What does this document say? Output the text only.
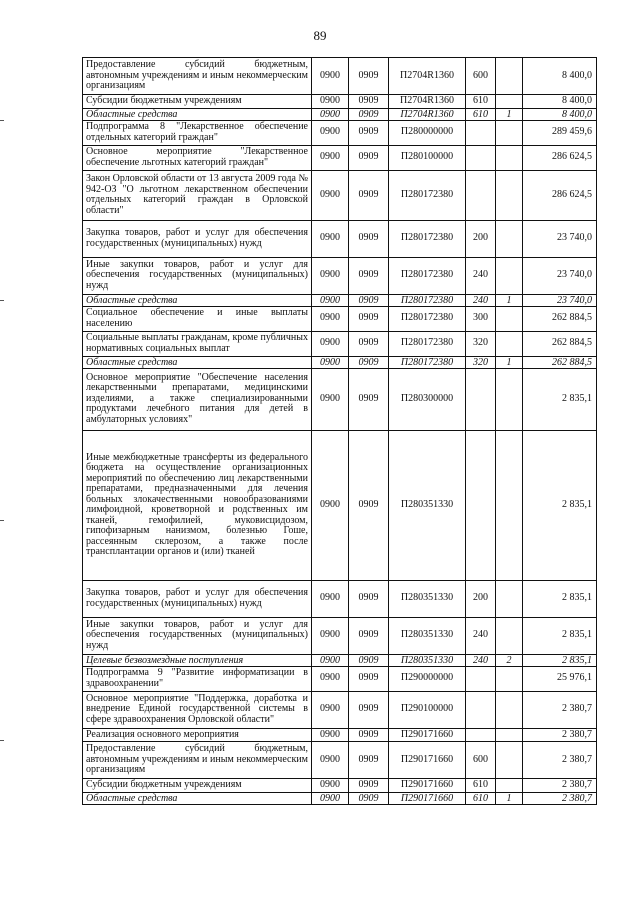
89
Предоставление субсидий бюджетным, автономным учреждениям и иным некоммерческим организациям	0900	0909	П2704R1360	600		8 400,0
Субсидии бюджетным учреждениям	0900	0909	П2704R1360	610		8 400,0
Областные средства	0900	0909	П2704R1360	610	1	8 400,0
Подпрограмма 8 "Лекарственное обеспечение отдельных категорий граждан"	0900	0909	П280000000			289 459,6
Основное мероприятие "Лекарственное обеспечение льготных категорий граждан"	0900	0909	П280100000			286 624,5
Закон Орловской области от 13 августа 2009 года № 942-ОЗ "О льготном лекарственном обеспечении отдельных категорий граждан в Орловской области"	0900	0909	П280172380			286 624,5
Закупка товаров, работ и услуг для обеспечения государственных (муниципальных) нужд	0900	0909	П280172380	200		23 740,0
Иные закупки товаров, работ и услуг для обеспечения государственных (муниципальных) нужд	0900	0909	П280172380	240		23 740,0
Областные средства	0900	0909	П280172380	240	1	23 740,0
Социальное обеспечение и иные выплаты населению	0900	0909	П280172380	300		262 884,5
Социальные выплаты гражданам, кроме публичных нормативных социальных выплат	0900	0909	П280172380	320		262 884,5
Областные средства	0900	0909	П280172380	320	1	262 884,5
Основное мероприятие "Обеспечение населения лекарственными препаратами, медицинскими изделиями, а также специализированными продуктами лечебного питания для детей в амбулаторных условиях"	0900	0909	П280300000			2 835,1
Иные межбюджетные трансферты из федерального бюджета на осуществление организационных мероприятий по обеспечению лиц лекарственными препаратами, предназначенными для лечения больных злокачественными новообразованиями лимфоидной, кроветворной и родственных им тканей, гемофилией, муковисцидозом, гипофизарным нанизмом, болезнью Гоше, рассеянным склерозом, а также после трансплантации органов и (или) тканей	0900	0909	П280351330			2 835,1
Закупка товаров, работ и услуг для обеспечения государственных (муниципальных) нужд	0900	0909	П280351330	200		2 835,1
Иные закупки товаров, работ и услуг для обеспечения государственных (муниципальных) нужд	0900	0909	П280351330	240		2 835,1
Целевые безвозмездные поступления	0900	0909	П280351330	240	2	2 835,1
Подпрограмма 9 "Развитие информатизации в здравоохранении"	0900	0909	П290000000			25 976,1
Основное мероприятие "Поддержка, доработка и внедрение Единой государственной системы в сфере здравоохранения Орловской области"	0900	0909	П290100000			2 380,7
Реализация основного мероприятия	0900	0909	П290171660			2 380,7
Предоставление субсидий бюджетным, автономным учреждениям и иным некоммерческим организациям	0900	0909	П290171660	600		2 380,7
Субсидии бюджетным учреждениям	0900	0909	П290171660	610		2 380,7
Областные средства	0900	0909	П290171660	610	1	2 380,7
